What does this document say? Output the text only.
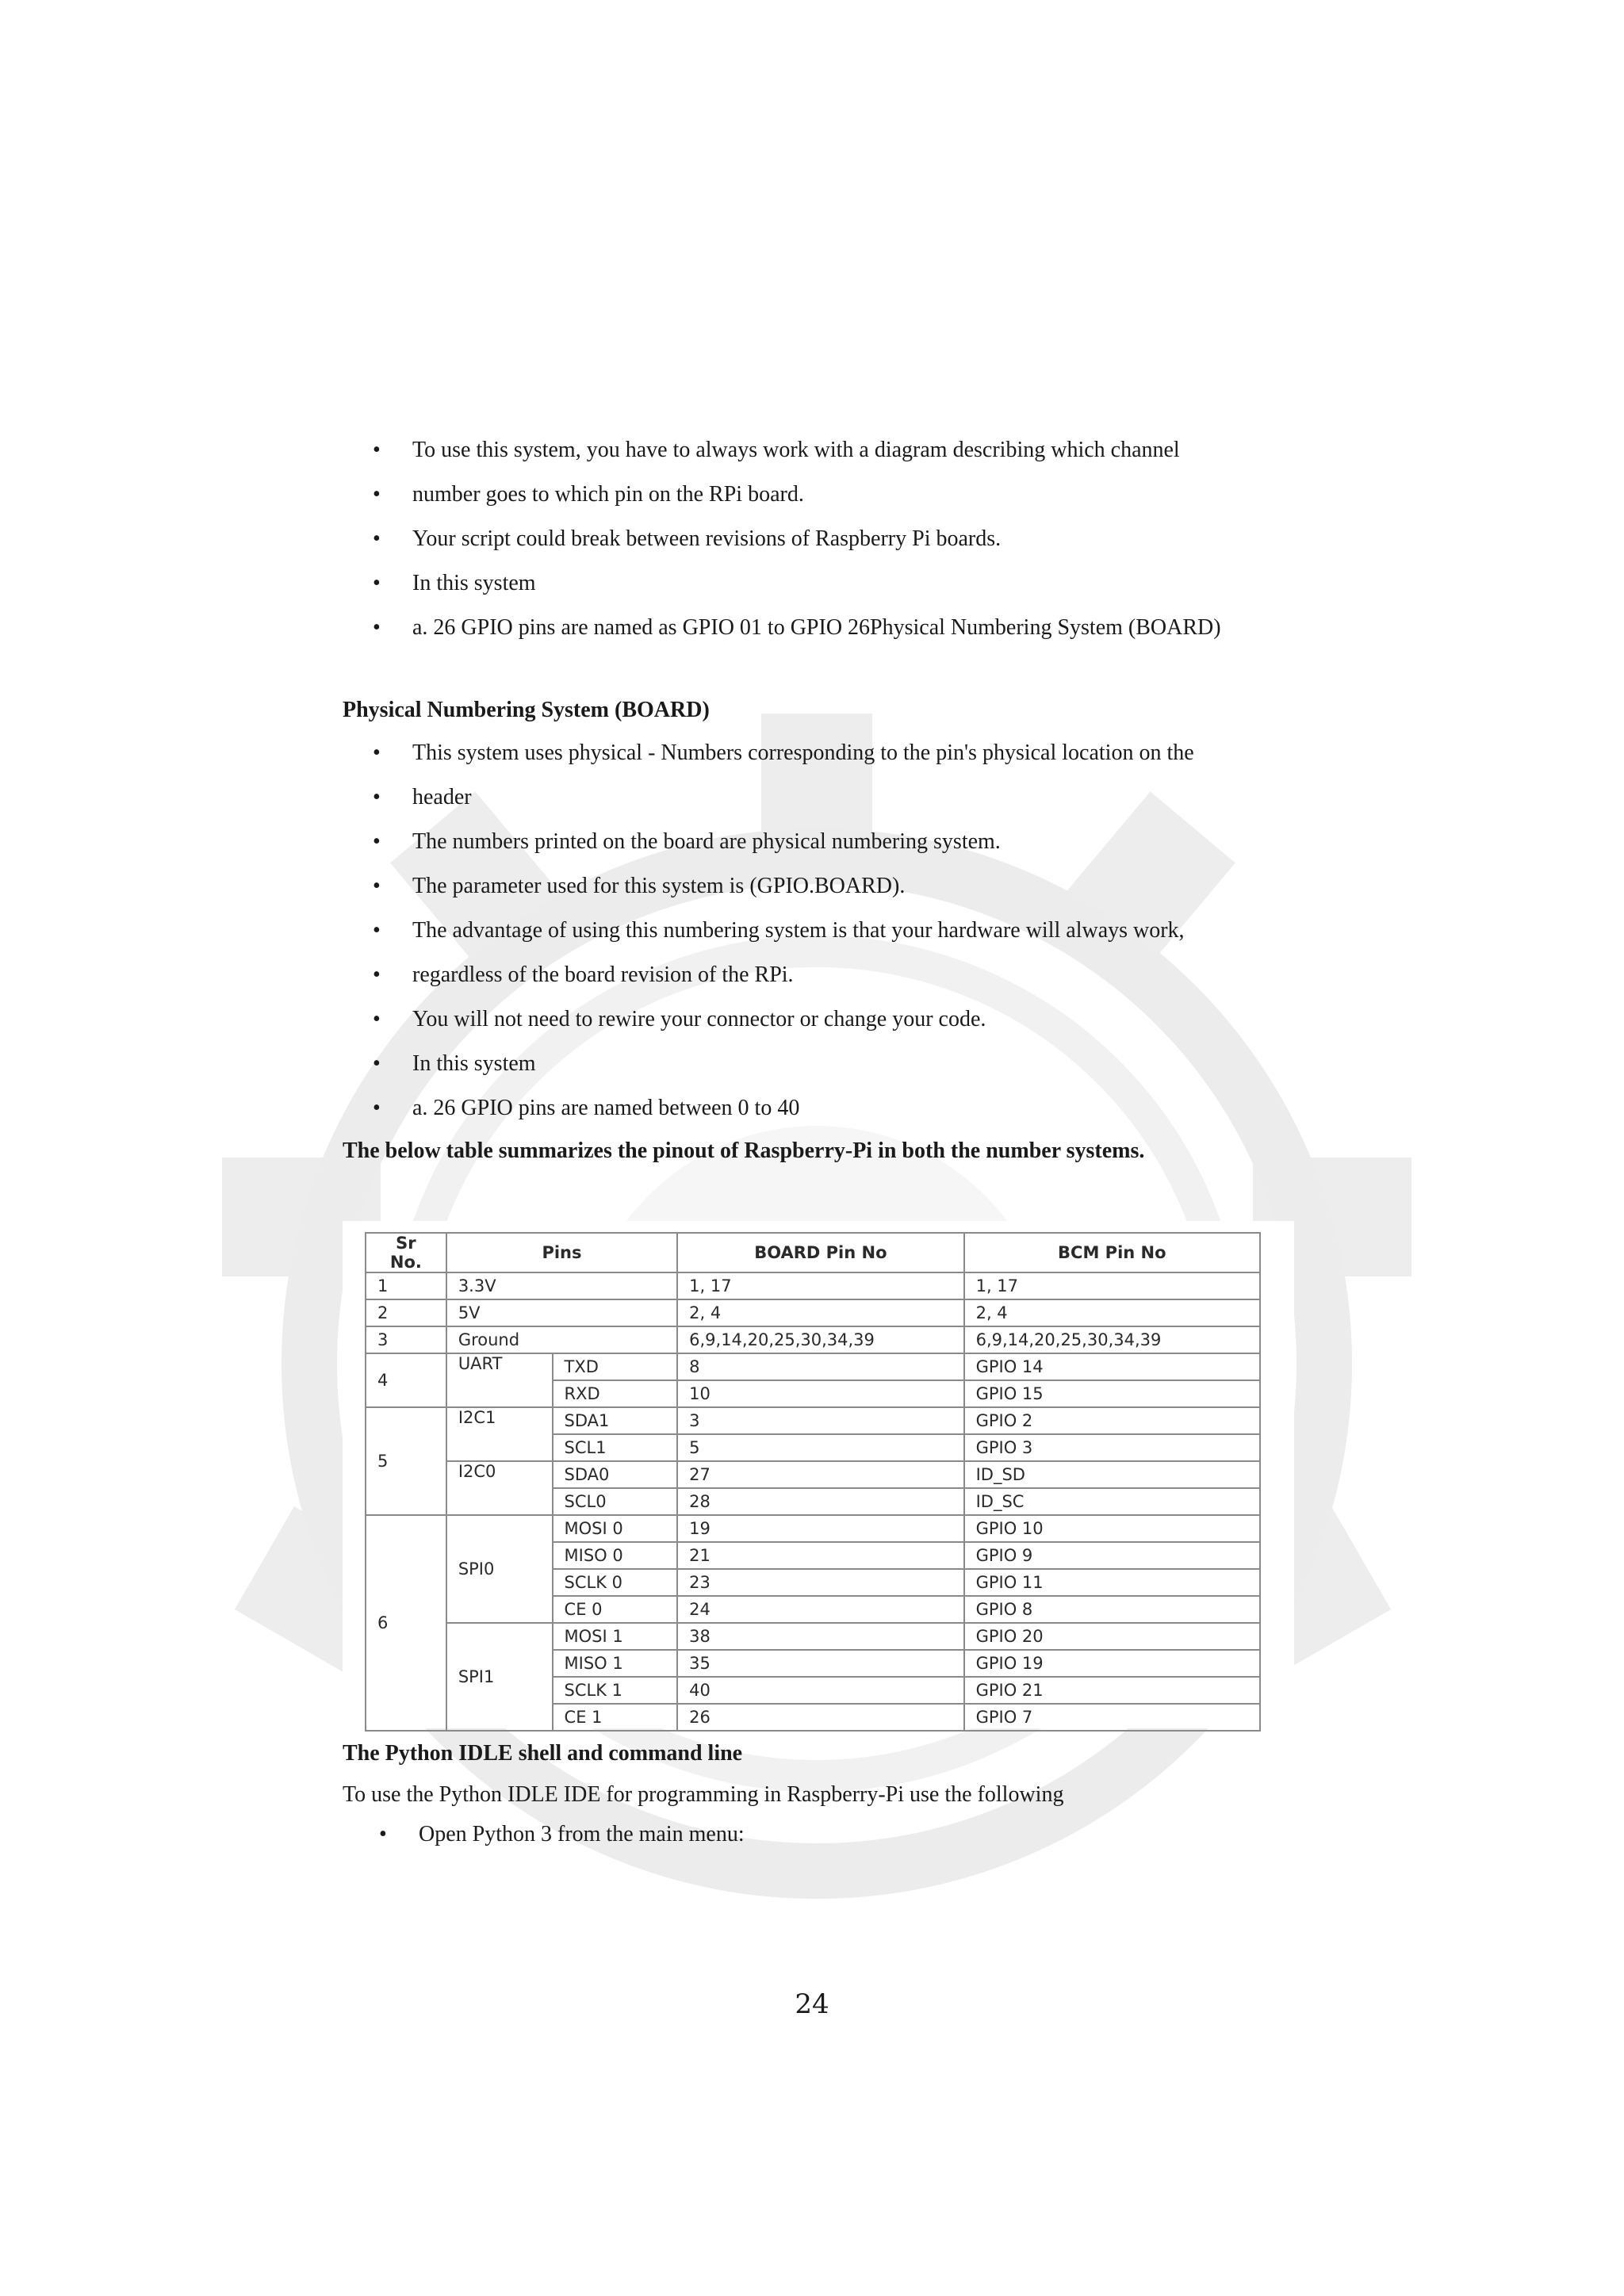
• To use this system, you have to always work with a diagram describing which channel
• number goes to which pin on the RPi board.
• Your script could break between revisions of Raspberry Pi boards.
• In this system
• a. 26 GPIO pins are named as GPIO 01 to GPIO 26Physical Numbering System (BOARD)
Physical Numbering System (BOARD)
• This system uses physical - Numbers corresponding to the pin's physical location on the
• header
• The numbers printed on the board are physical numbering system.
• The parameter used for this system is (GPIO.BOARD).
• The advantage of using this numbering system is that your hardware will always work,
• regardless of the board revision of the RPi.
• You will not need to rewire your connector or change your code.
• In this system
• a. 26 GPIO pins are named between 0 to 40
The below table summarizes the pinout of Raspberry-Pi in both the number systems.
Sr No.	Pins		BOARD Pin No	BCM Pin No
1	3.3V		1, 17	1, 17
2	5V		2, 4	2, 4
3	Ground		6,9,14,20,25,30,34,39	6,9,14,20,25,30,34,39
4	UART	TXD	8	GPIO 14
		RXD	10	GPIO 15
5	I2C1	SDA1	3	GPIO 2
		SCL1	5	GPIO 3
	I2C0	SDA0	27	ID_SD
		SCL0	28	ID_SC
6	SPI0	MOSI 0	19	GPIO 10
		MISO 0	21	GPIO 9
		SCLK 0	23	GPIO 11
		CE 0	24	GPIO 8
	SPI1	MOSI 1	38	GPIO 20
		MISO 1	35	GPIO 19
		SCLK 1	40	GPIO 21
		CE 1	26	GPIO 7
The Python IDLE shell and command line
To use the Python IDLE IDE for programming in Raspberry-Pi use the following
• Open Python 3 from the main menu:
24
